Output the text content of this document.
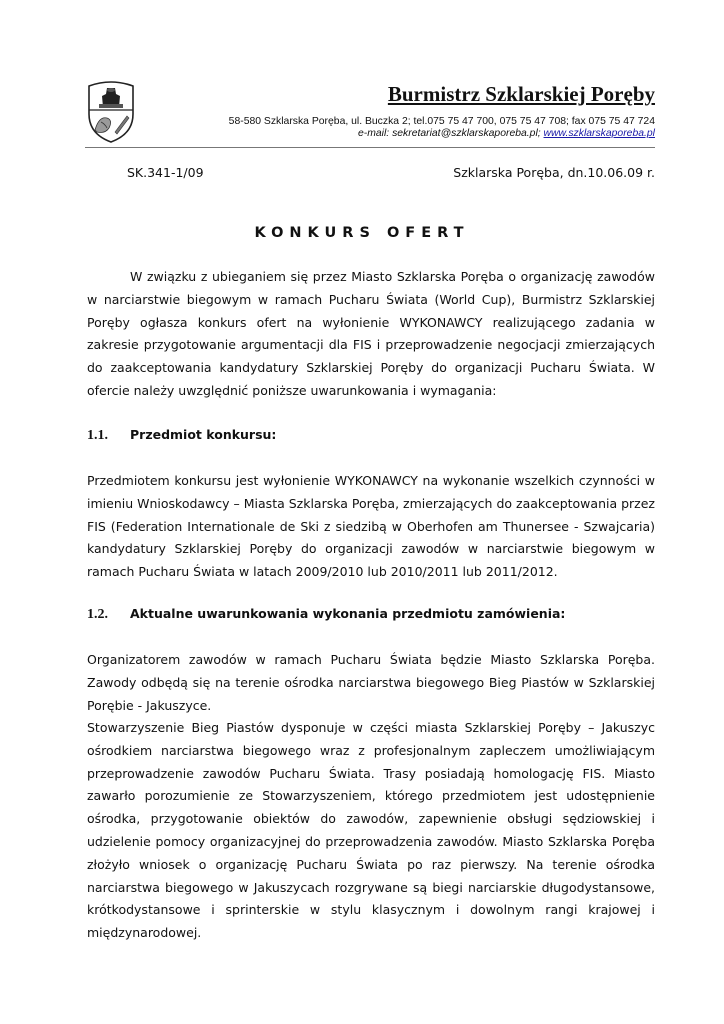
Burmistrz Szklarskiej Poręby
58-580 Szklarska Poręba, ul. Buczka 2; tel.075 75 47 700, 075 75 47 708; fax 075 75 47 724
e-mail: sekretariat@szklarskaporeba.pl; www.szklarskaporeba.pl
SK.341-1/09	Szklarska Poręba, dn.10.06.09 r.
KONKURS OFERT

W związku z ubieganiem się przez Miasto Szklarska Poręba o organizację zawodów w narciarstwie biegowym w ramach Pucharu Świata (World Cup), Burmistrz Szklarskiej Poręby ogłasza konkurs ofert na wyłonienie WYKONAWCY realizującego zadania w zakresie przygotowanie argumentacji dla FIS i przeprowadzenie negocjacji zmierzających do zaakceptowania kandydatury Szklarskiej Poręby do organizacji Pucharu Świata. W ofercie należy uwzględnić poniższe uwarunkowania i wymagania:

1.1. Przedmiot konkursu:

Przedmiotem konkursu jest wyłonienie WYKONAWCY na wykonanie wszelkich czynności w imieniu Wnioskodawcy – Miasta Szklarska Poręba, zmierzających do zaakceptowania przez FIS (Federation Internationale de Ski z siedzibą w Oberhofen am Thunersee - Szwajcaria) kandydatury Szklarskiej Poręby do organizacji zawodów w narciarstwie biegowym w ramach Pucharu Świata w latach 2009/2010 lub 2010/2011 lub 2011/2012.

1.2. Aktualne uwarunkowania wykonania przedmiotu zamówienia:

Organizatorem zawodów w ramach Pucharu Świata będzie Miasto Szklarska Poręba. Zawody odbędą się na terenie ośrodka narciarstwa biegowego Bieg Piastów w Szklarskiej Porębie - Jakuszyce.

Stowarzyszenie Bieg Piastów dysponuje w części miasta Szklarskiej Poręby – Jakuszyc ośrodkiem narciarstwa biegowego wraz z profesjonalnym zapleczem umożliwiającym przeprowadzenie zawodów Pucharu Świata. Trasy posiadają homologację FIS. Miasto zawarło porozumienie ze Stowarzyszeniem, którego przedmiotem jest udostępnienie ośrodka, przygotowanie obiektów do zawodów, zapewnienie obsługi sędziowskiej i udzielenie pomocy organizacyjnej do przeprowadzenia zawodów. Miasto Szklarska Poręba złożyło wniosek o organizację Pucharu Świata po raz pierwszy. Na terenie ośrodka narciarstwa biegowego w Jakuszycach rozgrywane są biegi narciarskie długodystansowe, krótkodystansowe i sprinterskie w stylu klasycznym i dowolnym rangi krajowej i międzynarodowej.
